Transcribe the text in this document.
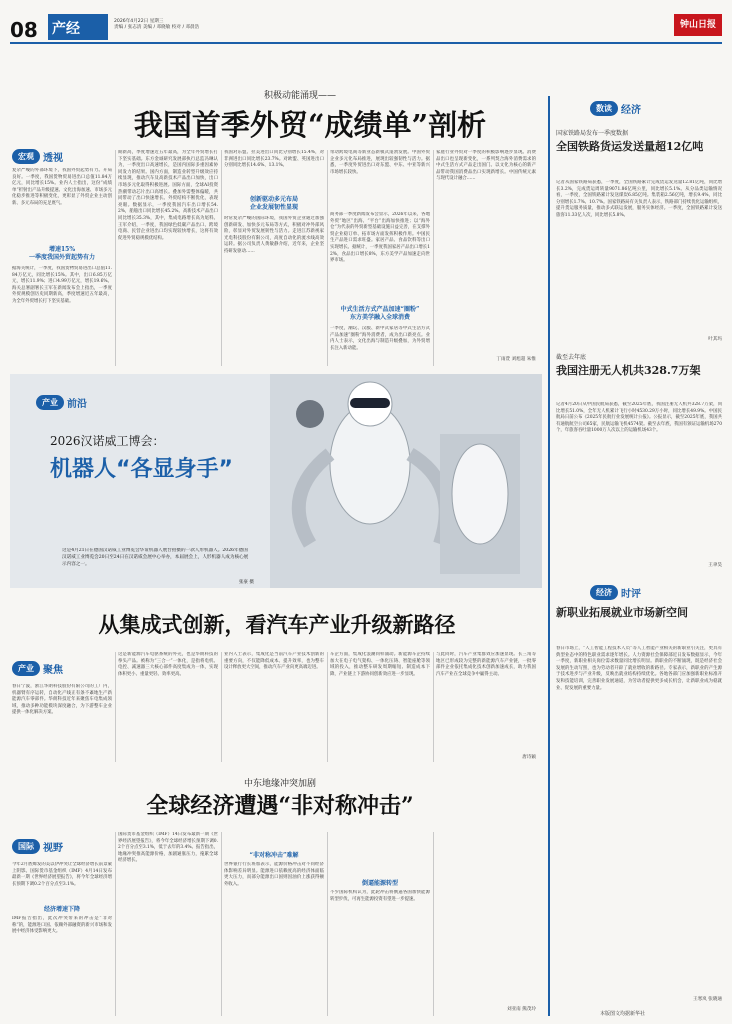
08 产经	2026年4月22日 星期三
责编 / 张志清 美编 / 邓晓敏 校对 / 邓晨浩	钟山日报
积极动能涌现——
我国首季外贸“成绩单”剖析
宏观 透视
复杂严峻的外部环境下，我国外贸起势有力。开局良好。一季度，我国货物贸易进出口总值11.84万亿元，同比增长15%。业内人士指出，这份“成绩单”折射出产品升级提速、文化出海加速、市场多元化稳步推进等积极变化，更彰显了外贸企业主动创新、多元布局的充足底气。
增速15%
一季度我国外贸起势有力
据海关统计，一季度，我国货物贸易进出口总值11.84万亿元，同比增长15%。其中，出口6.85万亿元，增长11.9%；进口4.99万亿元，增长19.6%。海关总署副署长王军在新闻发布会上指出，一季度外贸规模创历史同期新高，季度增速近五年最高，为全年外贸增长打下坚实基础。
期新高，季度增速近五年最高，为全年外贸增长打下坚实基础。东方金诚研究发展部执行总监冯琳认为，一季度出口高速增长，是国内国际多重因素协同发力的结果。国内方面，制造业转型升级效应持续显现，推动汽车及高新技术产品出口加快，出口市场多元化取得积极进展。国际方面，全球AI投资热潮带动芯片出口高增长。叠加外需整体偏暖，共同带动了出口快速增长。外贸结构不断优化，表现亮眼。数据显示，一季度我国汽车出口增长54.2%，船舶出口同比增长45.2%。高新技术产品出口同比增长35.3%，其中，集成电路增长高为尾料。王军介绍，一季度，我国绿色低碳产品出口、跨境电商、民营企业进出口均实现较快增长，这将有效促进外贸稳规模优结构。
我国对东盟、拉美进出口同比分别增长15.4%，对非洲进出口同比增长23.7%。对欧盟、英国进出口分别同比增长14.6%、13.1%。
创新驱动多元布局
企业发展韧性显现
时常复杂严峻的国际环境，我国外贸企业通过加强创新研发、加快多元布局等方式，积极对冲外部风险，彰显对外贸发展韧性与活力。走进江苏新视家光电科技股份有限公司，高度自动化的流水线高效运转。据公司负责人黄敏静介绍，近年来，企业坚持研发驱动……
带动跨境电商等新业态新模式蓬勃发展。中国外贸企业多元化布局推进，展现出较强韧性与活力。据悉，一季度外贸进出口对东盟、中东、中亚等新兴市场增长较快。
商务部一季度新闻发布会显示，2026年以来，各地外贸“地区”出海、“平台”出海加快推进；以“海外仓”为代表的外贸新型基础设施日益完善，在支撑外贸企业稳订单、拓市场方面发挥积极作用。中国民生产品进口需求旺盛。家居产品、食品饮料等出口实现增长。据统计，一季度我国家居产品出口增长12%，食品出口增长8%，东方美学产品加速走向世界市场。
中式生活方式产品加速“圈粉”
东方美学融入全球消费
一季度，潮玩、汉服、新中式家居等中式生活方式产品加速“圈粉”海外消费者，成为出口新亮点。业内人士表示，文化出海与制造升级叠加，为外贸增长注入新动能。
家庭行业外贸对一季度的积极影响逐步显现。消费品出口也呈现新变化，一系列契合海外消费需求的中式生活方式产品走出国门。以文化为核心的新产品带动我国消费品出口实现新增长。中国传统元素与现代设计融合……
丁雨萱 刘旭超 朱惟
产业 前沿
2026汉诺威工博会：
机器人“各显身手”
这是4月21日在德国汉诺威工业博览会华谊机器人展台拍摄的一款人形机器人。2026年德国汉诺威工业博览会20日至24日在汉诺威会展中心举办，本届展会上，人形机器人成为核心展示内容之一。
张豪 摄
从集成式创新，看汽车产业升级新路径
产业 聚焦
春日宁波，浙江华朗科技股份有限公司的工厂内，机器臂有序运转，自动化产线正有条不紊地生产新能源汽车零部件。华朗科技近年来聚焦车电集成领域，推动多种功能模块深度融合，为下游整车企业提供一体化解决方案。
这是新能源汽车电驱系统的外壳，也是华朗科技的拳头产品。被称为“三合一”一体化，是指将电机、电控、减速器三大核心部件高度集成为一体，实现体积更小、重量更轻、效率更高。
业内人士表示，集成化是当前汽车产业技术创新的重要方向，不仅能降低成本、提升效率，也为整车设计释放更大空间，推动汽车产业向更高端迈进。
车企方面，集成化浪潮同样涌动。新能源车企持续加大在电子电气架构、一体化压铸、智能座舱等领域的投入，推动整车研发周期缩短、制造成本下降，产业链上下游协同创新效应进一步显现。
与此同时，汽车产业集群效应加速显现。长三角等地区已形成较为完整的新能源汽车产业链，一批零部件企业依托集成化技术创新加速成长，助力我国汽车产业在全球竞争中赢得主动。
唐诗颖
中东地缘冲突加剧
全球经济遭遇“非对称冲击”
国际 视野
今年2月底爆发的美以伊冲突让全球经济增长前景蒙上阴影。国际货币基金组织（IMF）4月14日发布最新一期《世界经济展望报告》，将今年全球经济增长预期下调0.2个百分点至3.1%。
经济增速下降
IMF报告指出，此次冲突带来的冲击是“非对称”的，能源进口国、依赖外部融资的新兴市场和发展中经济体受影响更大。
国际货币基金组织（IMF）14日发布最新一期《世界经济展望报告》，将今年全球经济增长预期下调0.2个百分点至3.1%，低于去年的3.4%。报告指出，地缘冲突推高能源价格，加剧通胀压力，拖累全球经济增长。
“非对称冲击”难解
世界银行行长班加表示，能源价格冲击对不同经济体影响差异明显。能源进口依赖度高的经济体面临更大压力，而部分能源出口国则因油价上涨获得额外收入。	倒逼能源转型
不少国际机构认为，此轮冲击将倒逼各国加快能源转型步伐，可再生能源投资有望进一步提速。
刘亚南 熊茂玲
数读 经济
国家铁路局发布一季度数据
全国铁路货运发送量超12亿吨
记者从国家铁路局获悉，一季度，全国铁路累计完成货运发送量12.81亿吨，同比增长3.2%，完成货运周转量9071.86亿吨公里，同比增长5.1%。从分品类运输情况看，一季度，全国铁路累计发送煤炭6.85亿吨。集装箱2.56亿吨，增长9.4%，同比分别增长1.7%、10.7%。国家铁路局有关负责人表示，铁路部门持续优化运输组织，提升货运服务质量，推动多式联运发展，服务实体经济。一季度，全国铁路累计发送旅客11.33亿人次，同比增长5.8%。
叶其玛
截至去年底
我国注册无人机共328.7万架
记者4月20日从中国民航局获悉，截至2025年底，我国注册无人机共328.7万架，同比增长51.0%，全年无人机累计飞行小时4530.29万小时，同比增长49.9%。中国民航局日前公布《2025年民航行业发展统计公报》。公报显示，截至2025年底，我国共有通航航空公司65家，民航运输飞机4574架。截至去年底，我国有颁证运输机场270个，年旅客吞吐量1000万人次以上的运输机场43个。
王聿昊
经济 时评
新职业拓展就业市场新空间
春日市场上，“人工智能工程技术人员”等人工智能产业相关的新职业引关注，更具有典型业态中的特色职业需求逐年增长。人力资源社会保障部近日发布数据显示，今年一季度，新职业相关岗位需求数量同比增长明显。新职业的不断涌现，既是经济社会发展的生动写照，也为劳动者开辟了就业增收的新路径。专家表示，新职业的产生源于技术进步与产业升级，反映出就业结构持续优化。各地各部门应加强新职业标准开发和技能培训，完善职业发展通道，为劳动者提供更多成长机会，让新职业成为稳就业、促发展的重要力量。
王寒岚 张晓通
本版图文均据新华社
